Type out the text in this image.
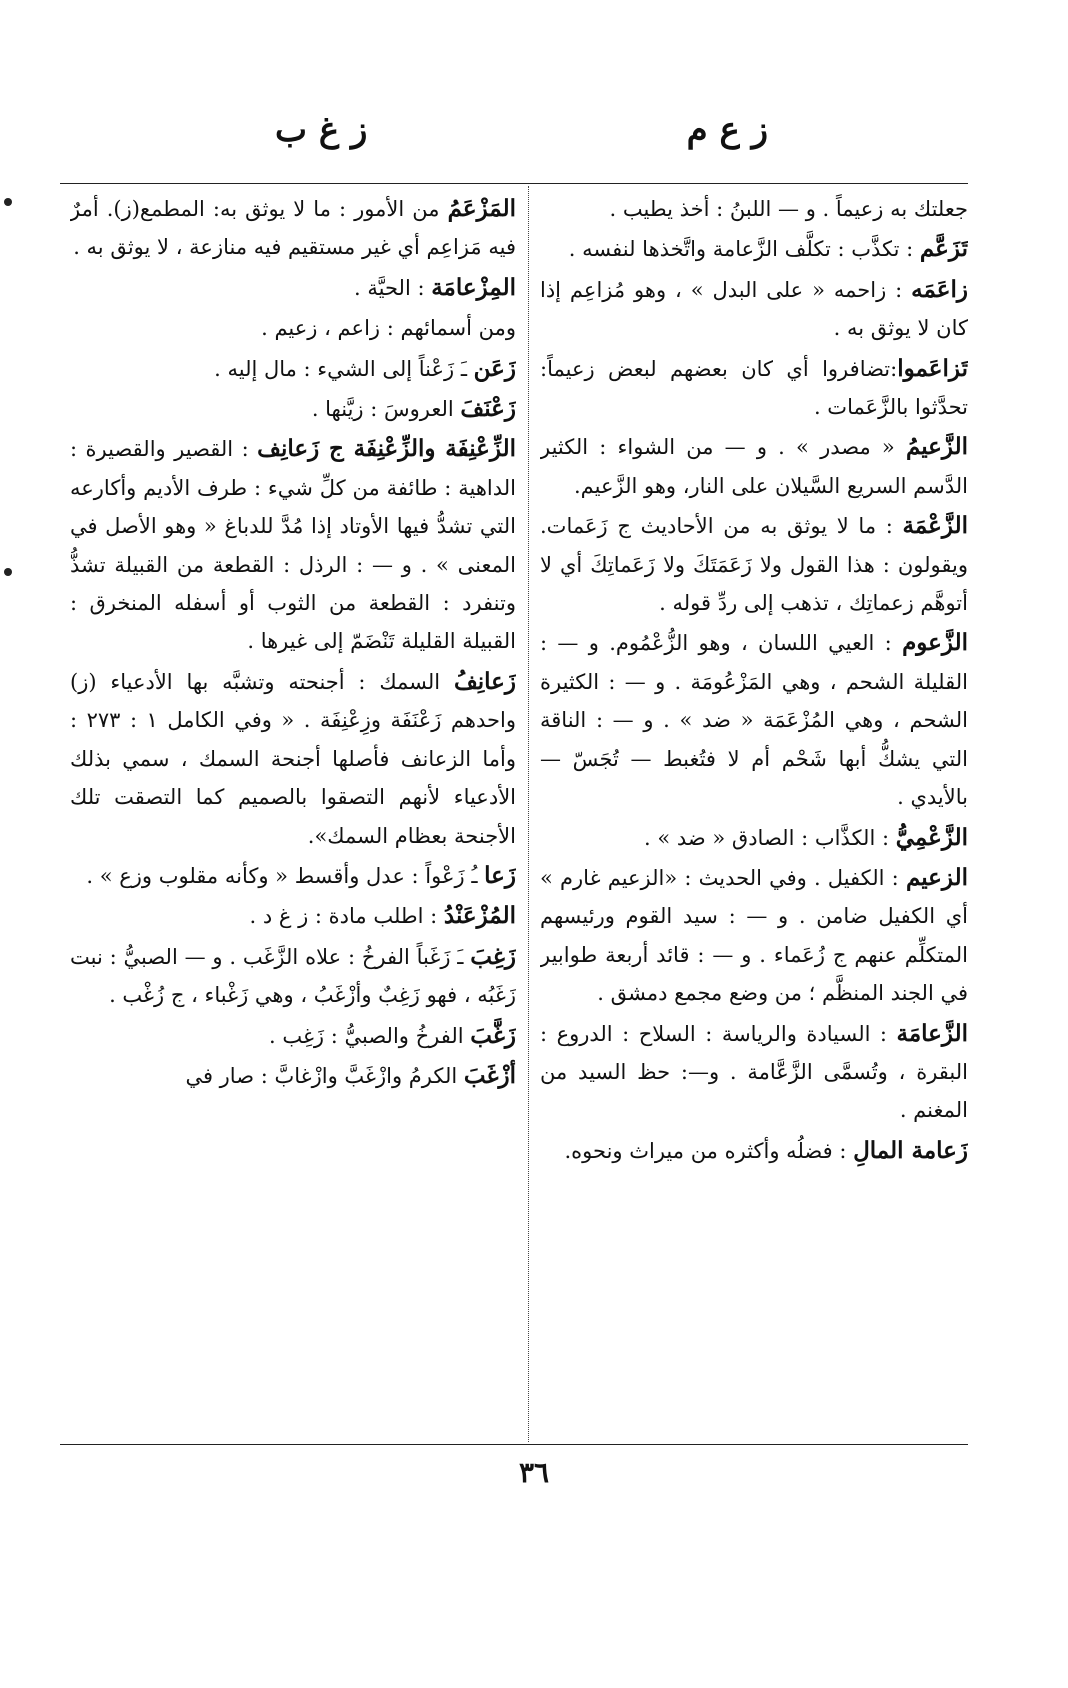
ز ع م
ز غ ب
جعلتك به زعيماً . و — اللبنُ : أخذ يطيب .
تَزَعَّم : تكذَّب : تكلَّف الزَّعامة واتَّخذها لنفسه .
زاعَمَه : زاحمه « على البدل » ، وهو مُزاعِم إذا كان لا يوثق به .
تَزاعَموا:تضافروا أي كان بعضهم لبعض زعيماً: تحدَّثوا بالزَّعَمات .
الزَّعيمُ « مصدر » . و — من الشواء : الكثير الدَّسم السريع السَّيلان على النار، وهو الزَّعيم.
الزَّعْمَة : ما لا يوثق به من الأحاديث ج زَعَمات. ويقولون : هذا القول ولا زَعَمَتَكَ ولا زَعَماتِكَ أي لا أتوهَّم زعماتِك ، تذهب إلى ردِّ قوله .
الزَّعوم : العيي اللسان ، وهو الزُّعْمُوم. و — : القليلة الشحم ، وهي المَزْعُومَة . و — : الكثيرة الشحم ، وهي المُزْعَمَة « ضد » . و — : الناقة التي يشكُّ أبها شَحْم أم لا فتُغبط — تُجَسّ — بالأيدي .
الزَّعْمِيُّ : الكذَّاب : الصادق « ضد » .
الزعيم : الكفيل . وفي الحديث : «الزعيم غارم » أي الكفيل ضامن . و — : سيد القوم ورئيسهم المتكلِّم عنهم ج زُعَماء . و — : قائد أربعة طوابير في الجند المنظَّم ؛ من وضع مجمع دمشق .
الزَّعامَة : السيادة والرياسة : السلاح : الدروع : البقرة ، وتُسمَّى الزَّعَّامة . و—: حظ السيد من المغنم .
زَعامة المالِ : فضلُه وأكثره من ميراث ونحوه.
المَزْعَمُ من الأمور : ما لا يوثق به: المطمع(ز). أمرٌ فيه مَزاعِم أي غير مستقيم فيه منازعة ، لا يوثق به .
المِزْعامَة : الحيَّة .
ومن أسمائهم : زاعم ، زعيم .
زَعَن ـَ زَعْناً إلى الشيء : مال إليه .
زَعْنَفَ العروسَ : زيَّنها .
الزِّعْنِفَة والزِّعْنِفَة ج زَعانِف : القصير والقصيرة : الداهية : طائفة من كلِّ شيء : طرف الأديم وأكارعه التي تشدُّ فيها الأوتاد إذا مُدَّ للدباغ « وهو الأصل في المعنى » . و — : الرذل : القطعة من القبيلة تشذُّ وتنفرد : القطعة من الثوب أو أسفله المنخرق : القبيلة القليلة تَنْضَمّ إلى غيرها .
زَعانِفُ السمك : أجنحته وتشبَّه بها الأدعياء (ز) واحدهم زَعْنَفَة وزِعْنِفَة . « وفي الكامل ١ : ٢٧٣ : وأما الزعانف فأصلها أجنحة السمك ، سمي بذلك الأدعياء لأنهم التصقوا بالصميم كما التصقت تلك الأجنحة بعظام السمك».
زَعا ـُ زَعْواً : عدل وأقسط « وكأنه مقلوب وزع » .
المُزْعَنْدُ : اطلب مادة : ز غ د .
زَغِبَ ـَ زَغَباً الفرخُ : علاه الزَّغَب . و — الصبيُّ : نبت زَغَبُه ، فهو زَغِبٌ وأزْغَبُ ، وهي زَغْباء ، ج زُغْب .
زَغَّبَ الفرخُ والصبيُّ : زَغِب .
أزْغَبَ الكرمُ وازْغَبَّ وازْغابَّ : صار في
٣٦
